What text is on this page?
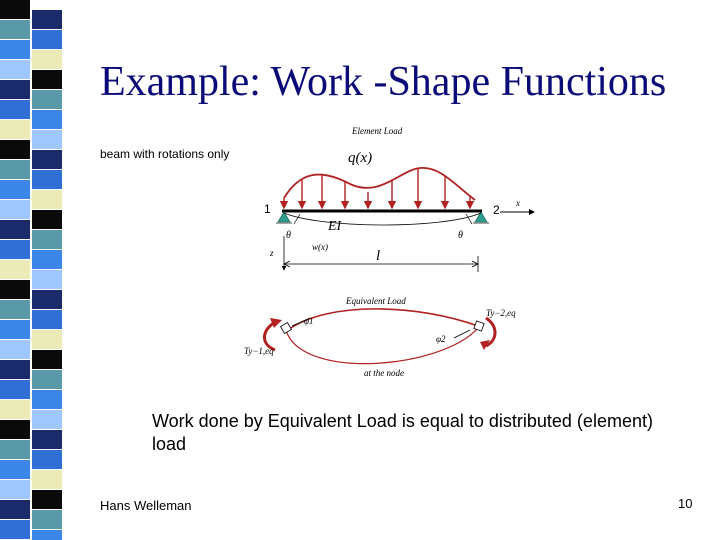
Example: Work -Shape Functions
beam with rotations only
Element Load
q(x)
1	2 x
EI
θ	θ
w(x)
z	l
Equivalent Load
φ1
Ty−1,eq
φ2
Ty−2,eq
at the node
Work done by Equivalent Load is equal to distributed (element) load
Hans Welleman	10
